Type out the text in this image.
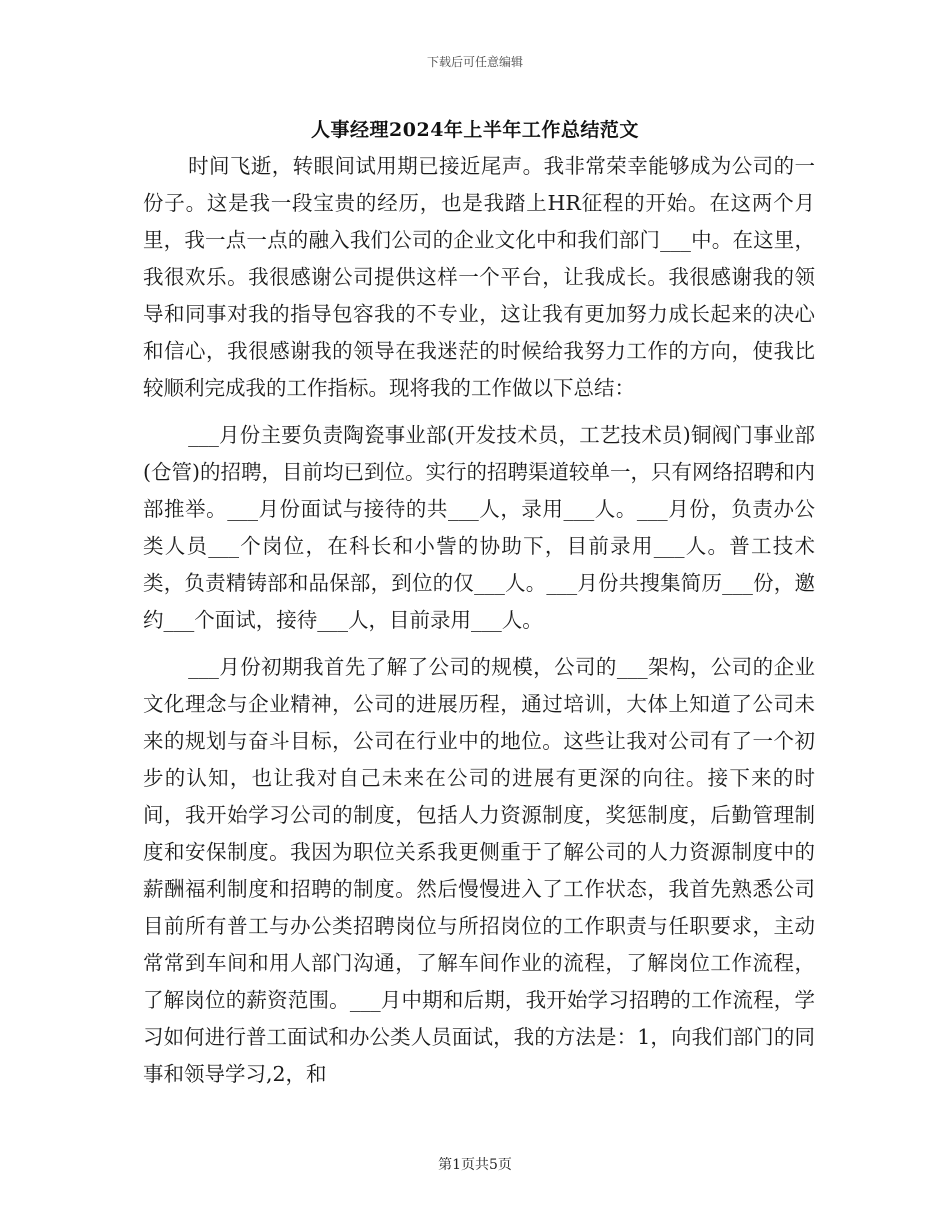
下载后可任意编辑
人事经理2024年上半年工作总结范文

时间飞逝，转眼间试用期已接近尾声。我非常荣幸能够成为公司的一份子。这是我一段宝贵的经历，也是我踏上HR征程的开始。在这两个月里，我一点一点的融入我们公司的企业文化中和我们部门___中。在这里，我很欢乐。我很感谢公司提供这样一个平台，让我成长。我很感谢我的领导和同事对我的指导包容我的不专业，这让我有更加努力成长起来的决心和信心，我很感谢我的领导在我迷茫的时候给我努力工作的方向，使我比较顺利完成我的工作指标。现将我的工作做以下总结：

___月份主要负责陶瓷事业部(开发技术员，工艺技术员)铜阀门事业部(仓管)的招聘，目前均已到位。实行的招聘渠道较单一，只有网络招聘和内部推举。___月份面试与接待的共___人，录用___人。___月份，负责办公类人员___个岗位，在科长和小訾的协助下，目前录用___人。普工技术类，负责精铸部和品保部，到位的仅___人。___月份共搜集简历___份，邀约___个面试，接待___人，目前录用___人。

___月份初期我首先了解了公司的规模，公司的___架构，公司的企业文化理念与企业精神，公司的进展历程，通过培训，大体上知道了公司未来的规划与奋斗目标，公司在行业中的地位。这些让我对公司有了一个初步的认知，也让我对自己未来在公司的进展有更深的向往。接下来的时间，我开始学习公司的制度，包括人力资源制度，奖惩制度，后勤管理制度和安保制度。我因为职位关系我更侧重于了解公司的人力资源制度中的薪酬福利制度和招聘的制度。然后慢慢进入了工作状态，我首先熟悉公司目前所有普工与办公类招聘岗位与所招岗位的工作职责与任职要求，主动常常到车间和用人部门沟通，了解车间作业的流程，了解岗位工作流程，了解岗位的薪资范围。___月中期和后期，我开始学习招聘的工作流程，学习如何进行普工面试和办公类人员面试，我的方法是：1，向我们部门的同事和领导学习,2，和

第1页共5页
